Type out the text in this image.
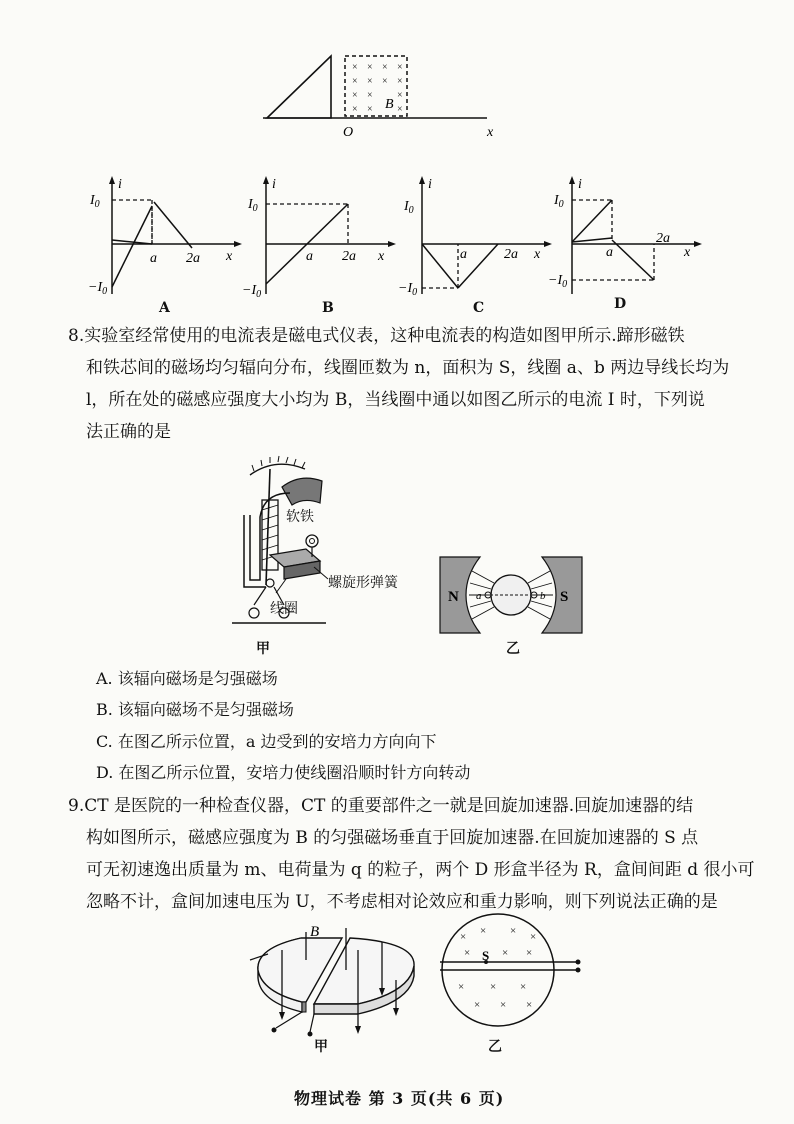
× × × ×
× × × ×
× × ×
× × ×
B
O	x
i
$I_0$
$-I_0$
a 2a x
A
i
$I_0$
$-I_0$
a 2a x
B
i
$I_0$
$-I_0$
a	2a x
C
i
$I_0$
$-I_0$
a
2a
x
D
8.实验室经常使用的电流表是磁电式仪表，这种电流表的构造如图甲所示.蹄形磁铁
和铁芯间的磁场均匀辐向分布，线圈匝数为 n，面积为 S，线圈 a、b 两边导线长均为
l，所在处的磁感应强度大小均为 B，当线圈中通以如图乙所示的电流 I 时，下列说
法正确的是
软铁
螺旋形弹簧
线圈
甲
N	S
a	b
乙
A. 该辐向磁场是匀强磁场
B. 该辐向磁场不是匀强磁场
C. 在图乙所示位置，a 边受到的安培力方向向下
D. 在图乙所示位置，安培力使线圈沿顺时针方向转动
9.CT 是医院的一种检查仪器，CT 的重要部件之一就是回旋加速器.回旋加速器的结
构如图所示，磁感应强度为 B 的匀强磁场垂直于回旋加速器.在回旋加速器的 S 点
可无初速逸出质量为 m、电荷量为 q 的粒子，两个 D 形盒半径为 R，盒间间距 d 很小可
忽略不计，盒间加速电压为 U，不考虑相对论效应和重力影响，则下列说法正确的是
B
甲
× × × ×
×	× ×
× × ×
× × ×
S
乙
物理试卷 第 3 页(共 6 页)
